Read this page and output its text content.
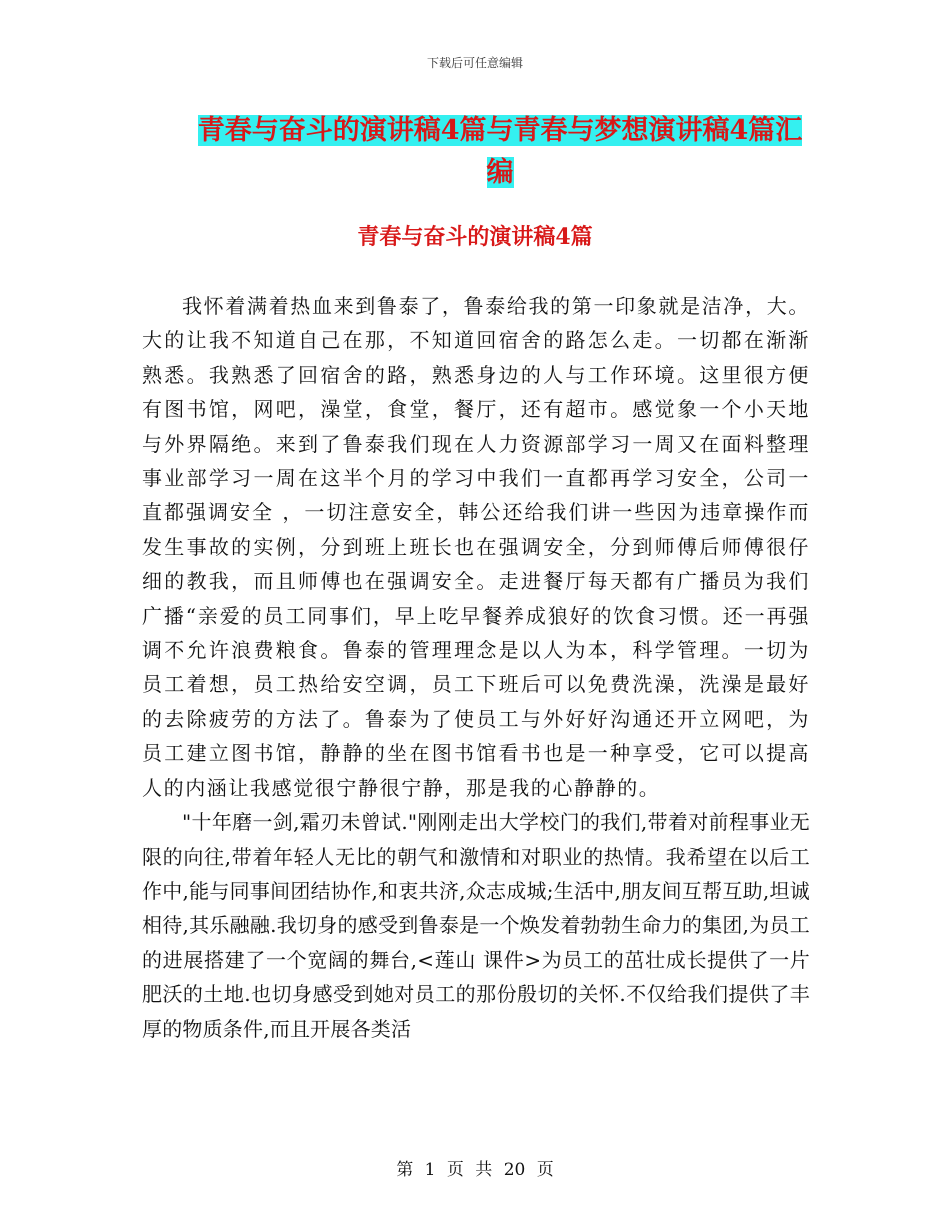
下载后可任意编辑
青春与奋斗的演讲稿4篇与青春与梦想演讲稿4篇汇编
青春与奋斗的演讲稿4篇

我怀着满着热血来到鲁泰了，鲁泰给我的第一印象就是洁净，大。大的让我不知道自己在那，不知道回宿舍的路怎么走。一切都在渐渐熟悉。我熟悉了回宿舍的路，熟悉身边的人与工作环境。这里很方便有图书馆，网吧，澡堂，食堂，餐厅，还有超市。感觉象一个小天地与外界隔绝。来到了鲁泰我们现在人力资源部学习一周又在面料整理事业部学习一周在这半个月的学习中我们一直都再学习安全，公司一直都强调安全 ，一切注意安全，韩公还给我们讲一些因为违章操作而发生事故的实例，分到班上班长也在强调安全，分到师傅后师傅很仔细的教我，而且师傅也在强调安全。走进餐厅每天都有广播员为我们广播“亲爱的员工同事们，早上吃早餐养成狼好的饮食习惯。还一再强调不允许浪费粮食。鲁泰的管理理念是以人为本，科学管理。一切为员工着想，员工热给安空调，员工下班后可以免费洗澡，洗澡是最好的去除疲劳的方法了。鲁泰为了使员工与外好好沟通还开立网吧，为员工建立图书馆，静静的坐在图书馆看书也是一种享受，它可以提高人的内涵让我感觉很宁静很宁静，那是我的心静静的。

"十年磨一剑,霜刃未曾试."刚刚走出大学校门的我们,带着对前程事业无限的向往,带着年轻人无比的朝气和激情和对职业的热情。我希望在以后工作中,能与同事间团结协作,和衷共济,众志成城;生活中,朋友间互帮互助,坦诚相待,其乐融融.我切身的感受到鲁泰是一个焕发着勃勃生命力的集团,为员工的进展搭建了一个宽阔的舞台,<莲山 课件>为员工的茁壮成长提供了一片肥沃的土地.也切身感受到她对员工的那份殷切的关怀.不仅给我们提供了丰厚的物质条件,而且开展各类活

第 1 页 共 20 页
